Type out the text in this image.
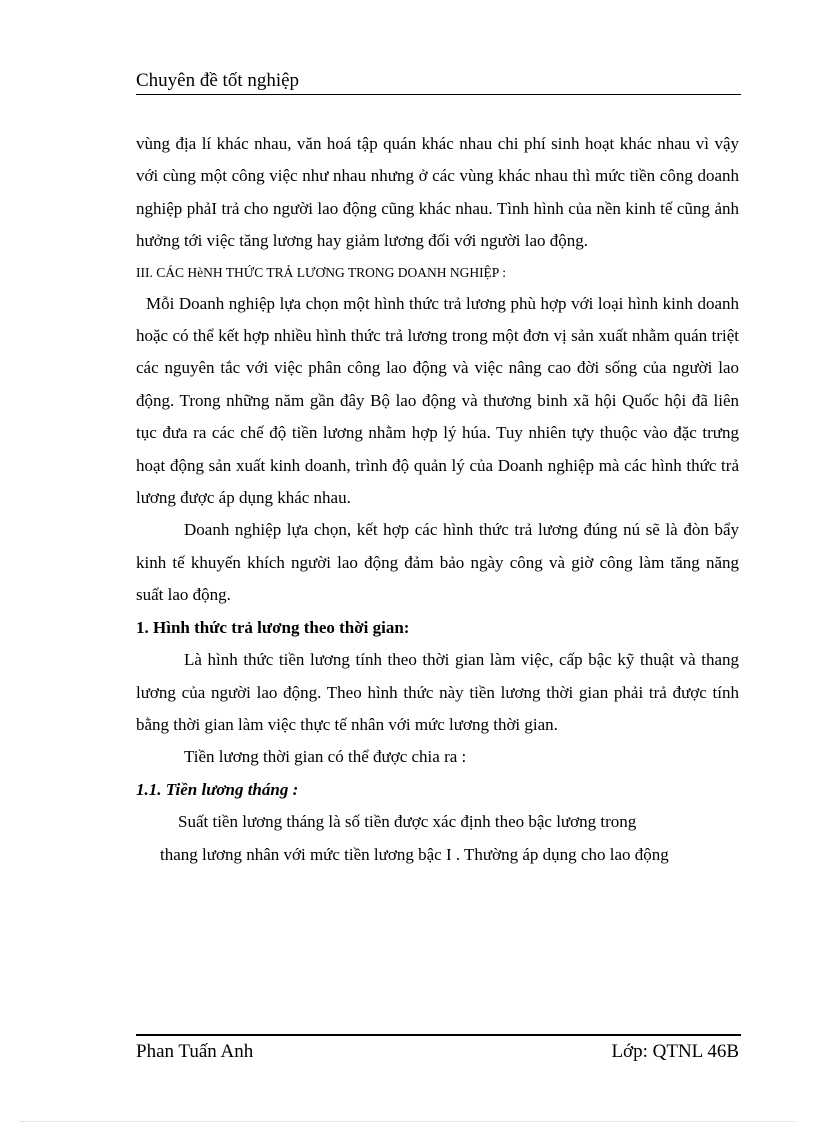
Chuyên đề tốt nghiệp

vùng địa lí khác nhau, văn hoá tập quán khác nhau chi phí sinh hoạt khác nhau vì vậy với cùng một công việc như nhau nhưng ở các vùng khác nhau thì mức tiền công doanh nghiệp phảI trả cho người lao động cũng khác nhau. Tình hình của nền kinh tế cũng ảnh hưởng tới việc tăng lương hay giảm lương đối với người lao động.

III. CÁC HèNH THỨC TRẢ LƯƠNG TRONG DOANH NGHIỆP :

Mỗi Doanh nghiệp lựa chọn một hình thức trả lương phù hợp với loại hình kinh doanh hoặc có thể kết hợp nhiều hình thức trả lương trong một đơn vị sản xuất nhằm quán triệt các nguyên tắc với việc phân công lao động và việc nâng cao đời sống của người lao động. Trong những năm gần đây Bộ lao động và thương binh xã hội Quốc hội đã liên tục đưa ra các chế độ tiền lương nhằm hợp lý húa. Tuy nhiên tựy thuộc vào đặc trưng hoạt động sản xuất kinh doanh, trình độ quản lý của Doanh nghiệp mà các hình thức trả lương được áp dụng khác nhau.

Doanh nghiệp lựa chọn, kết hợp các hình thức trả lương đúng nú sẽ là đòn bẩy kinh tế khuyến khích người lao động đảm bảo ngày công và giờ công làm tăng năng suất lao động.

1. Hình thức trả lương theo thời gian:

Là hình thức tiền lương tính theo thời gian làm việc, cấp bậc kỹ thuật và thang lương của người lao động. Theo hình thức này tiền lương thời gian phải trả được tính bằng thời gian làm việc thực tế nhân với mức lương thời gian.

Tiền lương thời gian có thể được chia ra :

1.1. Tiền lương tháng :

Suất tiền lương tháng là số tiền được xác định theo bậc lương trong
thang lương nhân với mức tiền lương bậc I . Thường áp dụng cho lao động

Phan Tuấn Anh	Lớp: QTNL 46B
